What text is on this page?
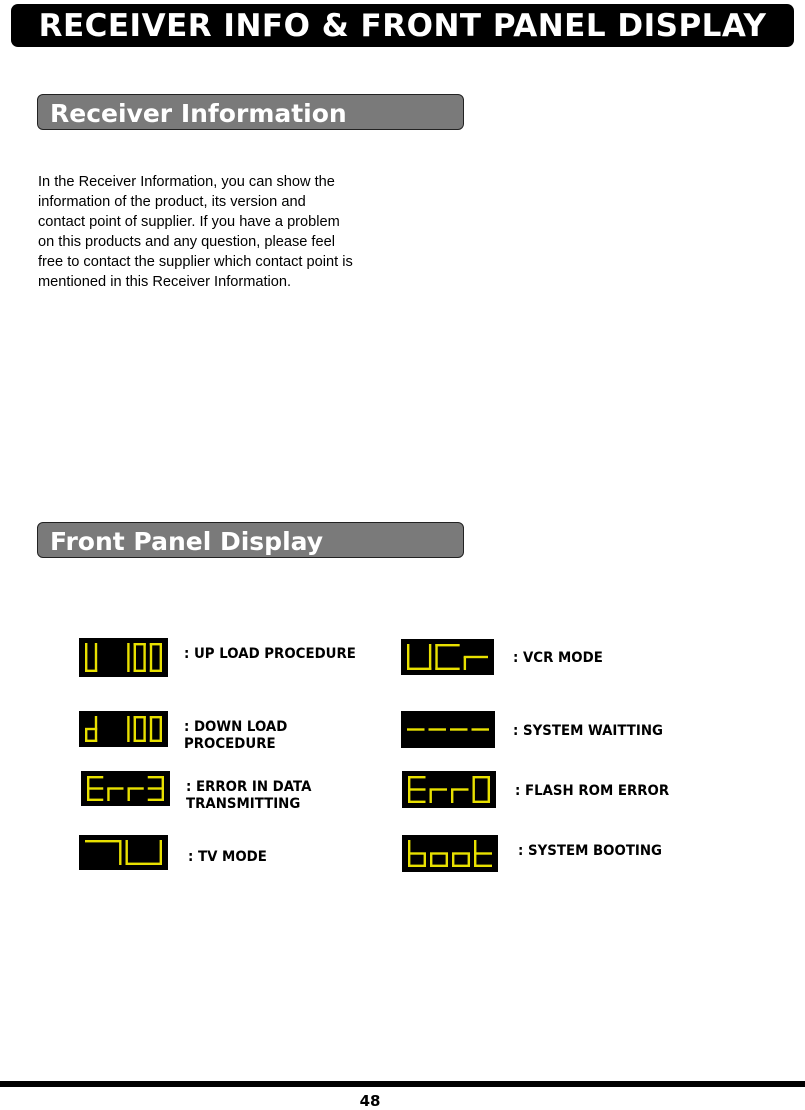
RECEIVER INFO & FRONT PANEL DISPLAY
Receiver Information
In the Receiver Information, you can show the
information of the product, its version and
contact point of supplier. If you have a problem
on this products and any question, please feel
free to contact the supplier which contact point is
mentioned in this Receiver Information.
Front Panel Display
: UP LOAD PROCEDURE
: DOWN LOAD
PROCEDURE
: ERROR IN DATA
TRANSMITTING
: TV MODE
: VCR MODE
: SYSTEM WAITTING
: FLASH ROM ERROR
: SYSTEM BOOTING
48
